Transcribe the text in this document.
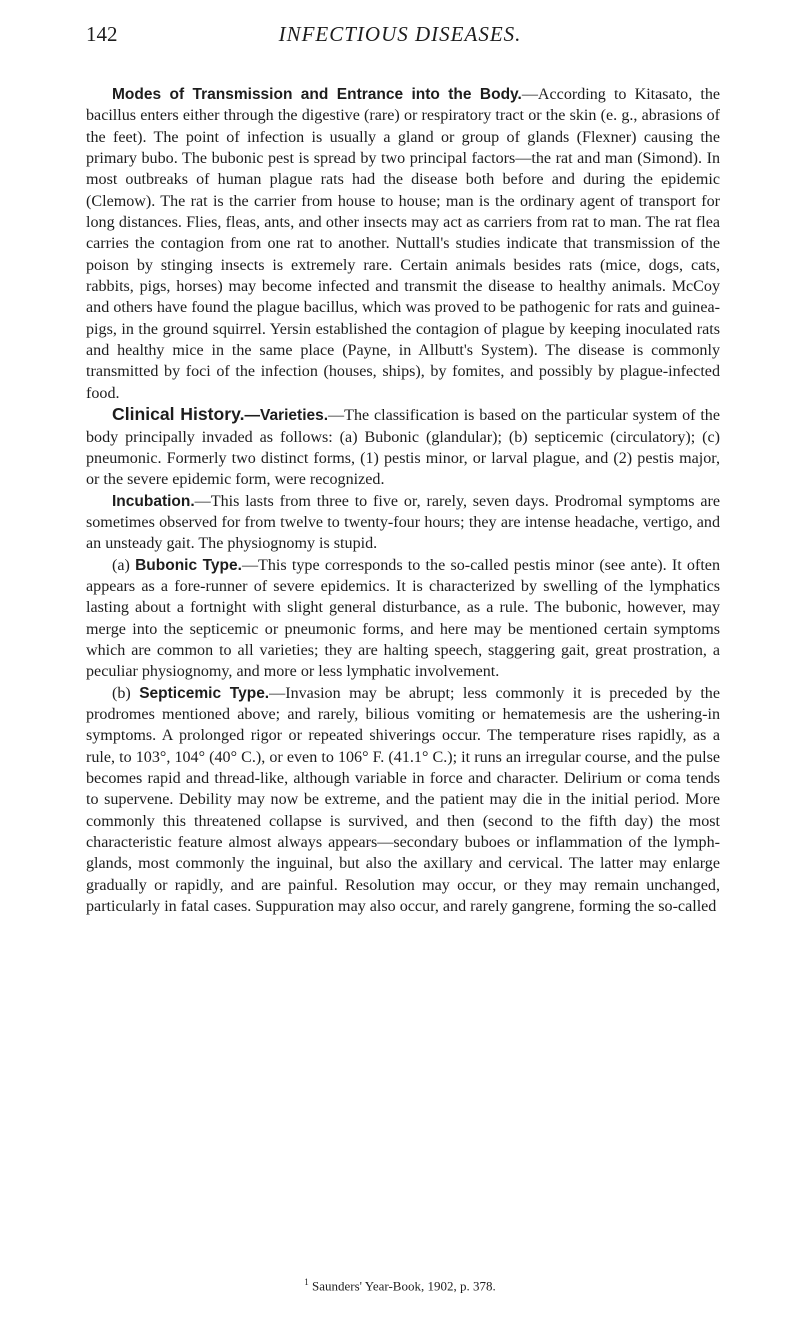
142	INFECTIOUS DISEASES.

Modes of Transmission and Entrance into the Body.—According to Kitasato, the bacillus enters either through the digestive (rare) or respiratory tract or the skin (e. g., abrasions of the feet). The point of infection is usually a gland or group of glands (Flexner) causing the primary bubo. The bubonic pest is spread by two principal factors—the rat and man (Simond). In most outbreaks of human plague rats had the disease both before and during the epidemic (Clemow). The rat is the carrier from house to house; man is the ordinary agent of transport for long distances. Flies, fleas, ants, and other insects may act as carriers from rat to man. The rat flea carries the contagion from one rat to another. Nuttall's studies indicate that transmission of the poison by stinging insects is extremely rare. Certain animals besides rats (mice, dogs, cats, rabbits, pigs, horses) may become infected and transmit the disease to healthy animals. McCoy and others have found the plague bacillus, which was proved to be pathogenic for rats and guinea-pigs, in the ground squirrel. Yersin established the contagion of plague by keeping inoculated rats and healthy mice in the same place (Payne, in Allbutt's System). The disease is commonly transmitted by foci of the infection (houses, ships), by fomites, and possibly by plague-infected food.

Clinical History.—Varieties.—The classification is based on the particular system of the body principally invaded as follows: (a) Bubonic (glandular); (b) septicemic (circulatory); (c) pneumonic. Formerly two distinct forms, (1) pestis minor, or larval plague, and (2) pestis major, or the severe epidemic form, were recognized.

Incubation.—This lasts from three to five or, rarely, seven days. Prodromal symptoms are sometimes observed for from twelve to twenty-four hours; they are intense headache, vertigo, and an unsteady gait. The physiognomy is stupid.

(a) Bubonic Type.—This type corresponds to the so-called pestis minor (see ante). It often appears as a fore-runner of severe epidemics. It is characterized by swelling of the lymphatics lasting about a fortnight with slight general disturbance, as a rule. The bubonic, however, may merge into the septicemic or pneumonic forms, and here may be mentioned certain symptoms which are common to all varieties; they are halting speech, staggering gait, great prostration, a peculiar physiognomy, and more or less lymphatic involvement.

(b) Septicemic Type.—Invasion may be abrupt; less commonly it is preceded by the prodromes mentioned above; and rarely, bilious vomiting or hematemesis are the ushering-in symptoms. A prolonged rigor or repeated shiverings occur. The temperature rises rapidly, as a rule, to 103°, 104° (40° C.), or even to 106° F. (41.1° C.); it runs an irregular course, and the pulse becomes rapid and thread-like, although variable in force and character. Delirium or coma tends to supervene. Debility may now be extreme, and the patient may die in the initial period. More commonly this threatened collapse is survived, and then (second to the fifth day) the most characteristic feature almost always appears—secondary buboes or inflammation of the lymph-glands, most commonly the inguinal, but also the axillary and cervical. The latter may enlarge gradually or rapidly, and are painful. Resolution may occur, or they may remain unchanged, particularly in fatal cases. Suppuration may also occur, and rarely gangrene, forming the so-called

$^1$ Saunders' Year-Book, 1902, p. 378.
